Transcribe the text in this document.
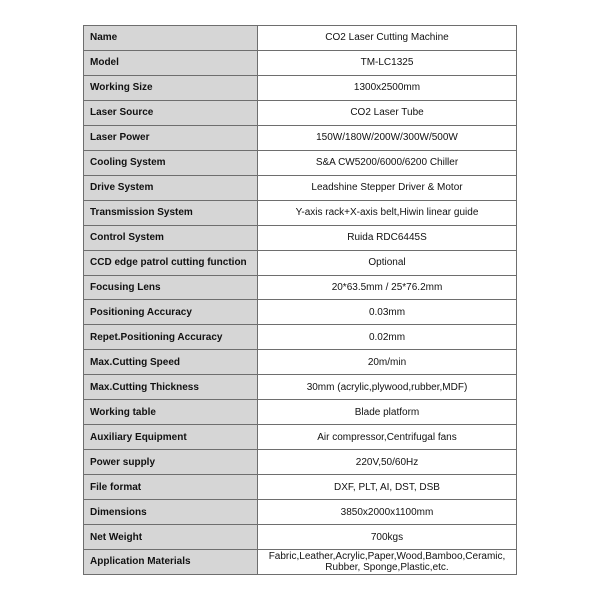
Name	CO2 Laser Cutting Machine
Model	TM-LC1325
Working Size	1300x2500mm
Laser Source	CO2 Laser Tube
Laser Power	150W/180W/200W/300W/500W
Cooling System	S&A CW5200/6000/6200 Chiller
Drive System	Leadshine Stepper Driver & Motor
Transmission System	Y-axis rack+X-axis belt,Hiwin linear guide
Control System	Ruida RDC6445S
CCD edge patrol cutting function	Optional
Focusing Lens	20*63.5mm / 25*76.2mm
Positioning Accuracy	0.03mm
Repet.Positioning Accuracy	0.02mm
Max.Cutting Speed	20m/min
Max.Cutting Thickness	30mm (acrylic,plywood,rubber,MDF)
Working table	Blade platform
Auxiliary Equipment	Air compressor,Centrifugal fans
Power supply	220V,50/60Hz
File format	DXF, PLT, AI, DST, DSB
Dimensions	3850x2000x1100mm
Net Weight	700kgs
Application Materials	Fabric,Leather,Acrylic,Paper,Wood,Bamboo,Ceramic, Rubber, Sponge,Plastic,etc.
